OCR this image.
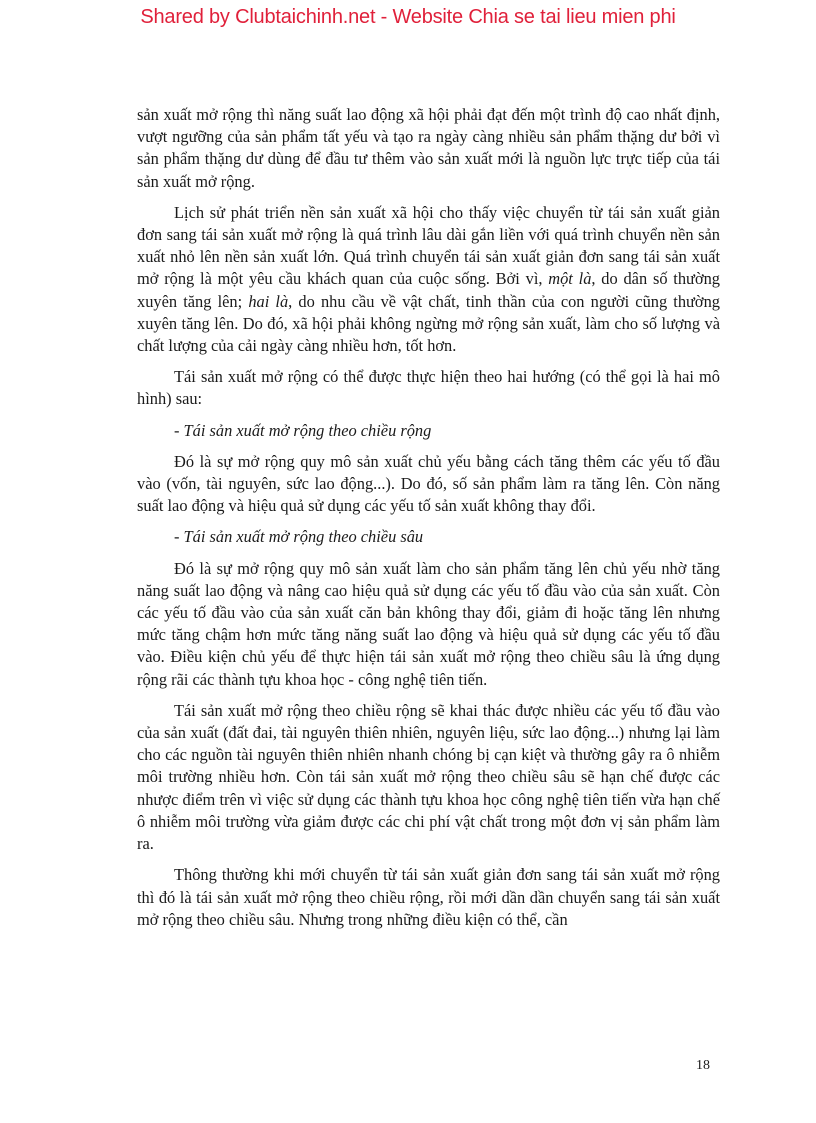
Shared by Clubtaichinh.net - Website Chia se tai lieu mien phi

sản xuất mở rộng thì năng suất lao động xã hội phải đạt đến một trình độ cao nhất định, vượt ngưỡng của sản phẩm tất yếu và tạo ra ngày càng nhiều sản phẩm thặng dư bởi vì sản phẩm thặng dư dùng để đầu tư thêm vào sản xuất mới là nguồn lực trực tiếp của tái sản xuất mở rộng.

Lịch sử phát triển nền sản xuất xã hội cho thấy việc chuyển từ tái sản xuất giản đơn sang tái sản xuất mở rộng là quá trình lâu dài gắn liền với quá trình chuyển nền sản xuất nhỏ lên nền sản xuất lớn. Quá trình chuyển tái sản xuất giản đơn sang tái sản xuất mở rộng là một yêu cầu khách quan của cuộc sống. Bởi vì, một là, do dân số thường xuyên tăng lên; hai là, do nhu cầu về vật chất, tinh thần của con người cũng thường xuyên tăng lên. Do đó, xã hội phải không ngừng mở rộng sản xuất, làm cho số lượng và chất lượng của cải ngày càng nhiều hơn, tốt hơn.

Tái sản xuất mở rộng có thể được thực hiện theo hai hướng (có thể gọi là hai mô hình) sau:

- Tái sản xuất mở rộng theo chiều rộng

Đó là sự mở rộng quy mô sản xuất chủ yếu bằng cách tăng thêm các yếu tố đầu vào (vốn, tài nguyên, sức lao động...). Do đó, số sản phẩm làm ra tăng lên. Còn năng suất lao động và hiệu quả sử dụng các yếu tố sản xuất không thay đổi.

- Tái sản xuất mở rộng theo chiều sâu

Đó là sự mở rộng quy mô sản xuất làm cho sản phẩm tăng lên chủ yếu nhờ tăng năng suất lao động và nâng cao hiệu quả sử dụng các yếu tố đầu vào của sản xuất. Còn các yếu tố đầu vào của sản xuất căn bản không thay đổi, giảm đi hoặc tăng lên nhưng mức tăng chậm hơn mức tăng năng suất lao động và hiệu quả sử dụng các yếu tố đầu vào. Điều kiện chủ yếu để thực hiện tái sản xuất mở rộng theo chiều sâu là ứng dụng rộng rãi các thành tựu khoa học - công nghệ tiên tiến.

Tái sản xuất mở rộng theo chiều rộng sẽ khai thác được nhiều các yếu tố đầu vào của sản xuất (đất đai, tài nguyên thiên nhiên, nguyên liệu, sức lao động...) nhưng lại làm cho các nguồn tài nguyên thiên nhiên nhanh chóng bị cạn kiệt và thường gây ra ô nhiễm môi trường nhiều hơn. Còn tái sản xuất mở rộng theo chiều sâu sẽ hạn chế được các nhược điểm trên vì việc sử dụng các thành tựu khoa học công nghệ tiên tiến vừa hạn chế ô nhiễm môi trường vừa giảm được các chi phí vật chất trong một đơn vị sản phẩm làm ra.

Thông thường khi mới chuyển từ tái sản xuất giản đơn sang tái sản xuất mở rộng thì đó là tái sản xuất mở rộng theo chiều rộng, rồi mới dần dần chuyển sang tái sản xuất mở rộng theo chiều sâu. Nhưng trong những điều kiện có thể, cần

18
